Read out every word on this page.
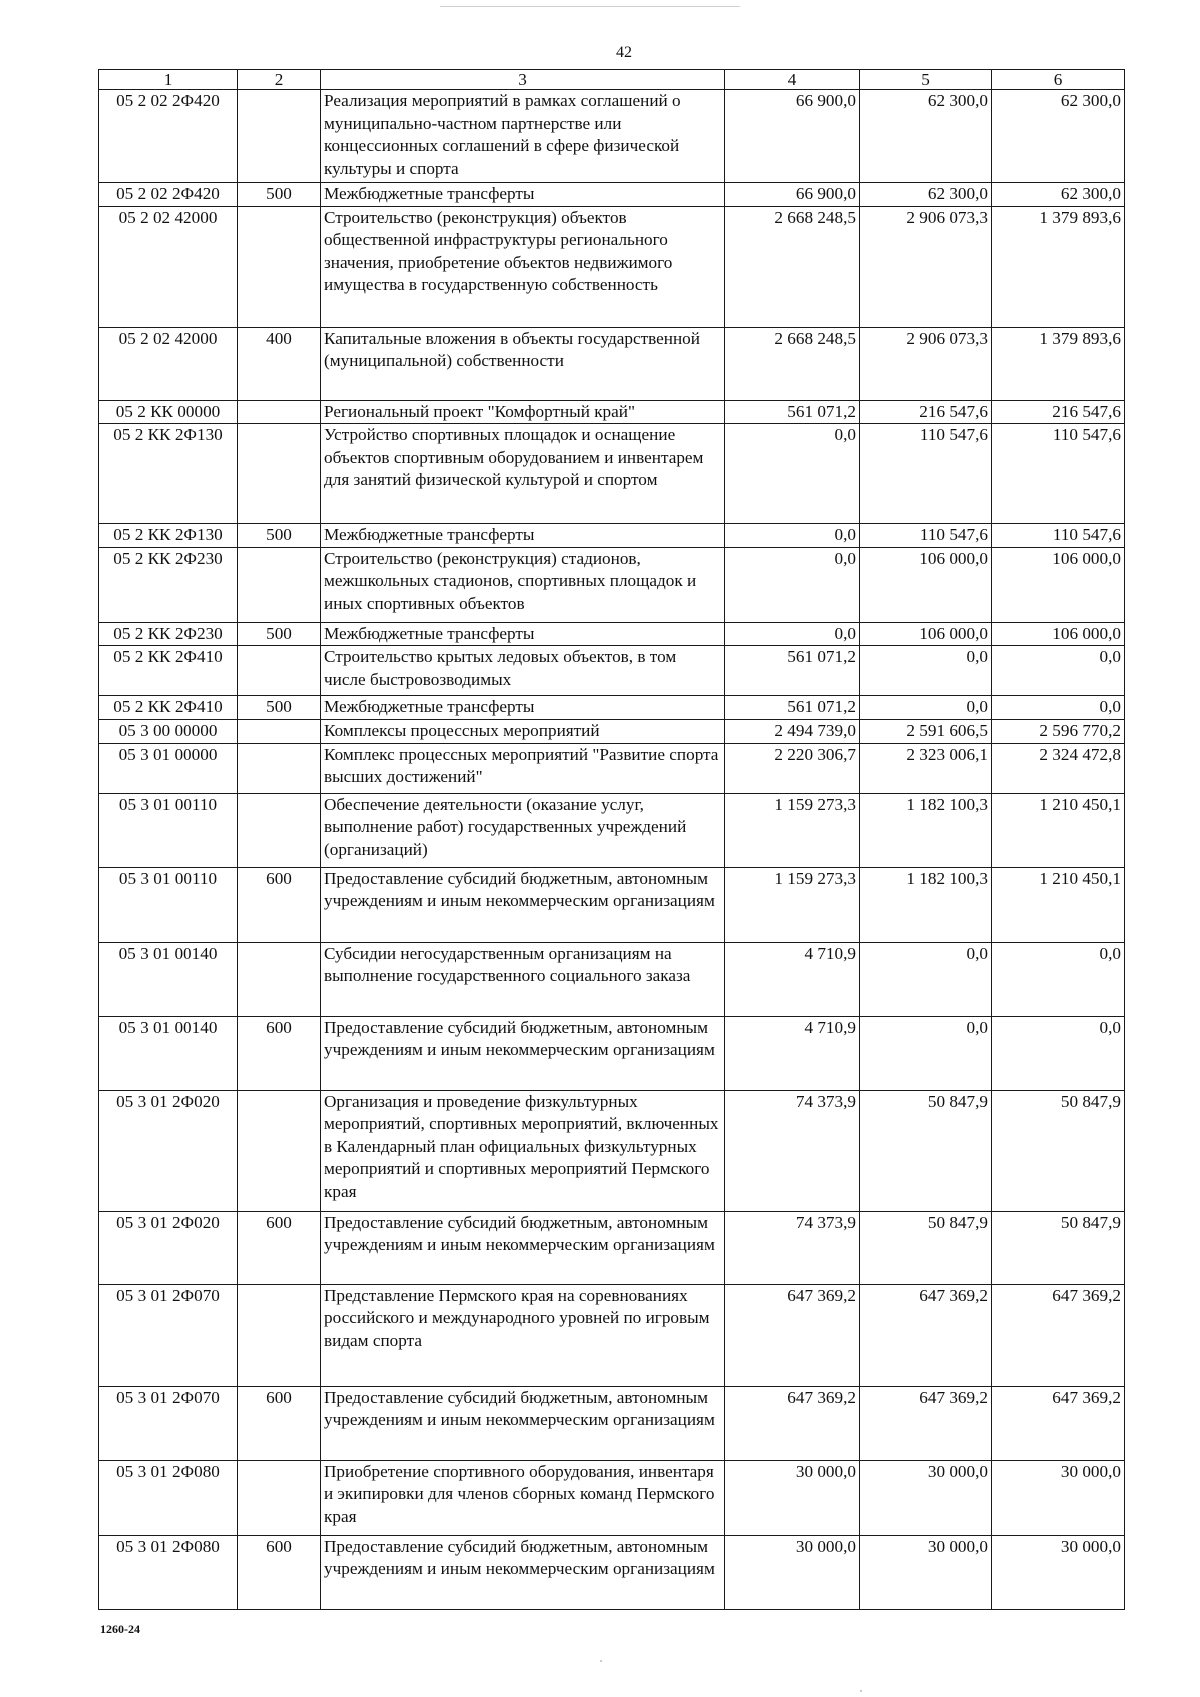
42
1	2	3	4	5	6
05 2 02 2Ф420		Реализация мероприятий в рамках соглашений о муниципально-частном партнерстве или концессионных соглашений в сфере физической культуры и спорта	66 900,0	62 300,0	62 300,0
05 2 02 2Ф420	500	Межбюджетные трансферты	66 900,0	62 300,0	62 300,0
05 2 02 42000		Строительство (реконструкция) объектов общественной инфраструктуры регионального значения, приобретение объектов недвижимого имущества в государственную собственность	2 668 248,5	2 906 073,3	1 379 893,6
05 2 02 42000	400	Капитальные вложения в объекты государственной (муниципальной) собственности	2 668 248,5	2 906 073,3	1 379 893,6
05 2 КК 00000		Региональный проект "Комфортный край"	561 071,2	216 547,6	216 547,6
05 2 КК 2Ф130		Устройство спортивных площадок и оснащение объектов спортивным оборудованием и инвентарем для занятий физической культурой и спортом	0,0	110 547,6	110 547,6
05 2 КК 2Ф130	500	Межбюджетные трансферты	0,0	110 547,6	110 547,6
05 2 КК 2Ф230		Строительство (реконструкция) стадионов, межшкольных стадионов, спортивных площадок и иных спортивных объектов	0,0	106 000,0	106 000,0
05 2 КК 2Ф230	500	Межбюджетные трансферты	0,0	106 000,0	106 000,0
05 2 КК 2Ф410		Строительство крытых ледовых объектов, в том числе быстровозводимых	561 071,2	0,0	0,0
05 2 КК 2Ф410	500	Межбюджетные трансферты	561 071,2	0,0	0,0
05 3 00 00000		Комплексы процессных мероприятий	2 494 739,0	2 591 606,5	2 596 770,2
05 3 01 00000		Комплекс процессных мероприятий "Развитие спорта высших достижений"	2 220 306,7	2 323 006,1	2 324 472,8
05 3 01 00110		Обеспечение деятельности (оказание услуг, выполнение работ) государственных учреждений (организаций)	1 159 273,3	1 182 100,3	1 210 450,1
05 3 01 00110	600	Предоставление субсидий бюджетным, автономным учреждениям и иным некоммерческим организациям	1 159 273,3	1 182 100,3	1 210 450,1
05 3 01 00140		Субсидии негосударственным организациям на выполнение государственного социального заказа	4 710,9	0,0	0,0
05 3 01 00140	600	Предоставление субсидий бюджетным, автономным учреждениям и иным некоммерческим организациям	4 710,9	0,0	0,0
05 3 01 2Ф020		Организация и проведение физкультурных мероприятий, спортивных мероприятий, включенных в Календарный план официальных физкультурных мероприятий и спортивных мероприятий Пермского края	74 373,9	50 847,9	50 847,9
05 3 01 2Ф020	600	Предоставление субсидий бюджетным, автономным учреждениям и иным некоммерческим организациям	74 373,9	50 847,9	50 847,9
05 3 01 2Ф070		Представление Пермского края на соревнованиях российского и международного уровней по игровым видам спорта	647 369,2	647 369,2	647 369,2
05 3 01 2Ф070	600	Предоставление субсидий бюджетным, автономным учреждениям и иным некоммерческим организациям	647 369,2	647 369,2	647 369,2
05 3 01 2Ф080		Приобретение спортивного оборудования, инвентаря и экипировки для членов сборных команд Пермского края	30 000,0	30 000,0	30 000,0
05 3 01 2Ф080	600	Предоставление субсидий бюджетным, автономным учреждениям и иным некоммерческим организациям	30 000,0	30 000,0	30 000,0
1260-24
